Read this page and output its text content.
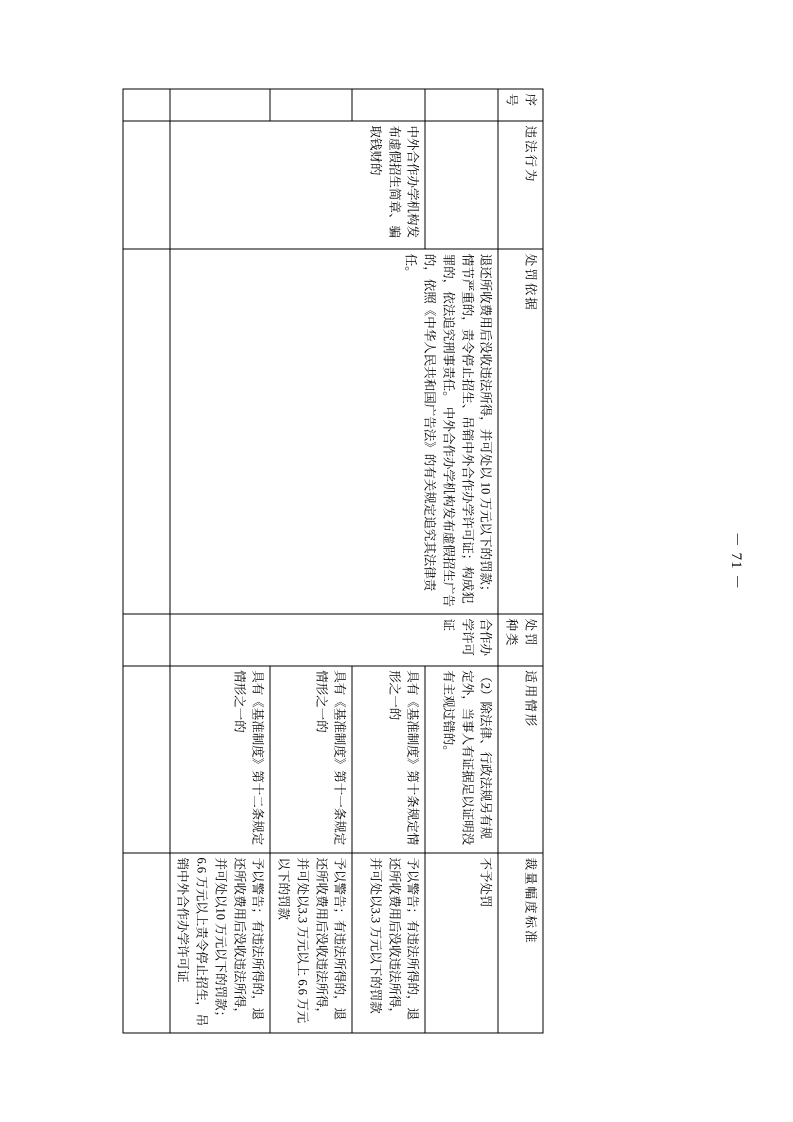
－ 71 －
序号	违法行为	处罚依据	处罚种类	适用情形	裁量幅度标准
		退还所收费用后没收违法所得，并可处以 10 万元以下的罚款；情节严重的，责令停止招生、吊销中外合作办学许可证；构成犯罪的，依法追究刑事责任。 中外合作办学机构发布虚假招生广告的，依照《中华人民共和国广告法》的有关规定追究其法律责任。	合作办学许可证	（2）除法律、行政法规另有规定外，当事人有证据足以证明没有主观过错的。	不予处罚
	中外合作办学机构发布虚假招生简章、骗取钱财的			具有《基准制度》第十条规定情形之一的	予以警告；有违法所得的，退还所收费用后没收违法所得，并可处以3.3 万元以下的罚款
				具有《基准制度》第十一条规定情形之一的	予以警告；有违法所得的，退还所收费用后没收违法所得，并可处以3.3 万元以上 6.6 万元以下的罚款
				具有《基准制度》第十二条规定情形之一的	予以警告；有违法所得的，退还所收费用后没收违法所得，并可处以10 万元以下的罚款；6.6 万元以上责令停止招生，吊销中外合作办学许可证
